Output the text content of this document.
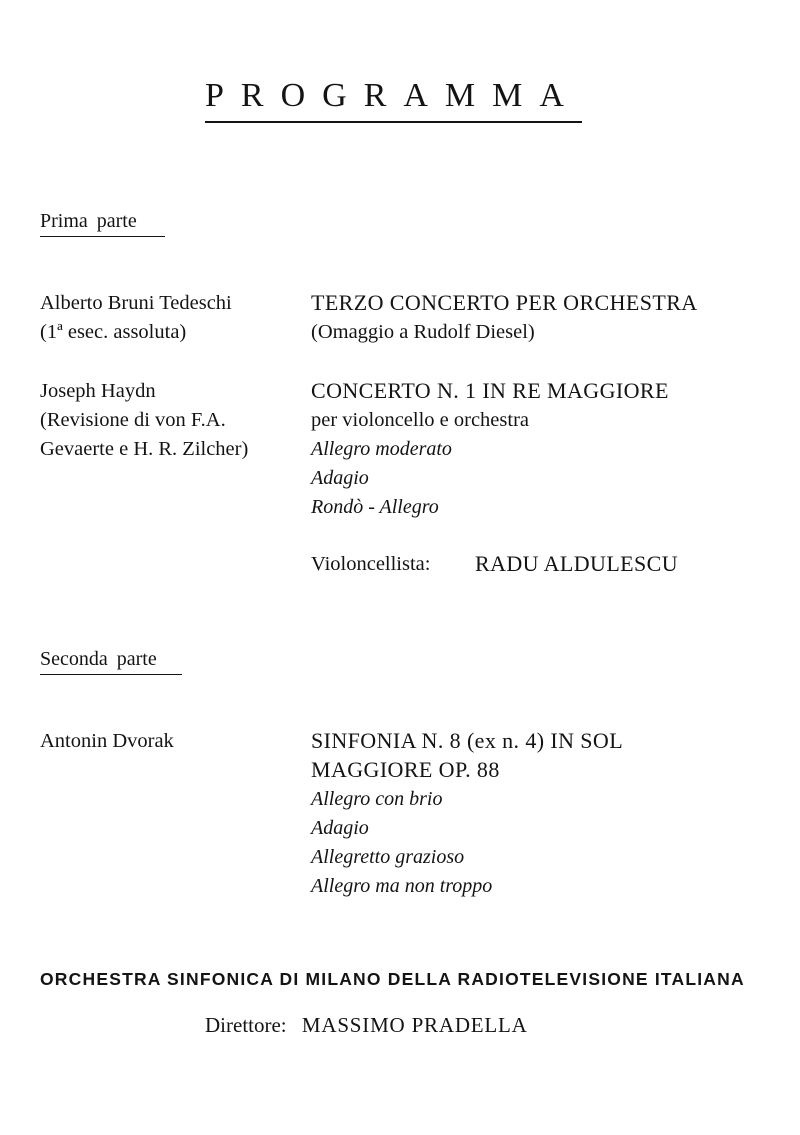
PROGRAMMA
Prima parte
Alberto Bruni Tedeschi
(1ª esec. assoluta)
TERZO CONCERTO PER ORCHESTRA
(Omaggio a Rudolf Diesel)
Joseph Haydn
(Revisione di von F.A.
Gevaerte e H. R. Zilcher)
CONCERTO N. 1 IN RE MAGGIORE
per violoncello e orchestra
Allegro moderato
Adagio
Rondò - Allegro
Violoncellista: RADU ALDULESCU
Seconda parte
Antonin Dvorak	SINFONIA N. 8 (ex n. 4) IN SOL
MAGGIORE OP. 88
Allegro con brio
Adagio
Allegretto grazioso
Allegro ma non troppo
ORCHESTRA SINFONICA DI MILANO DELLA RADIOTELEVISIONE ITALIANA
Direttore: MASSIMO PRADELLA
